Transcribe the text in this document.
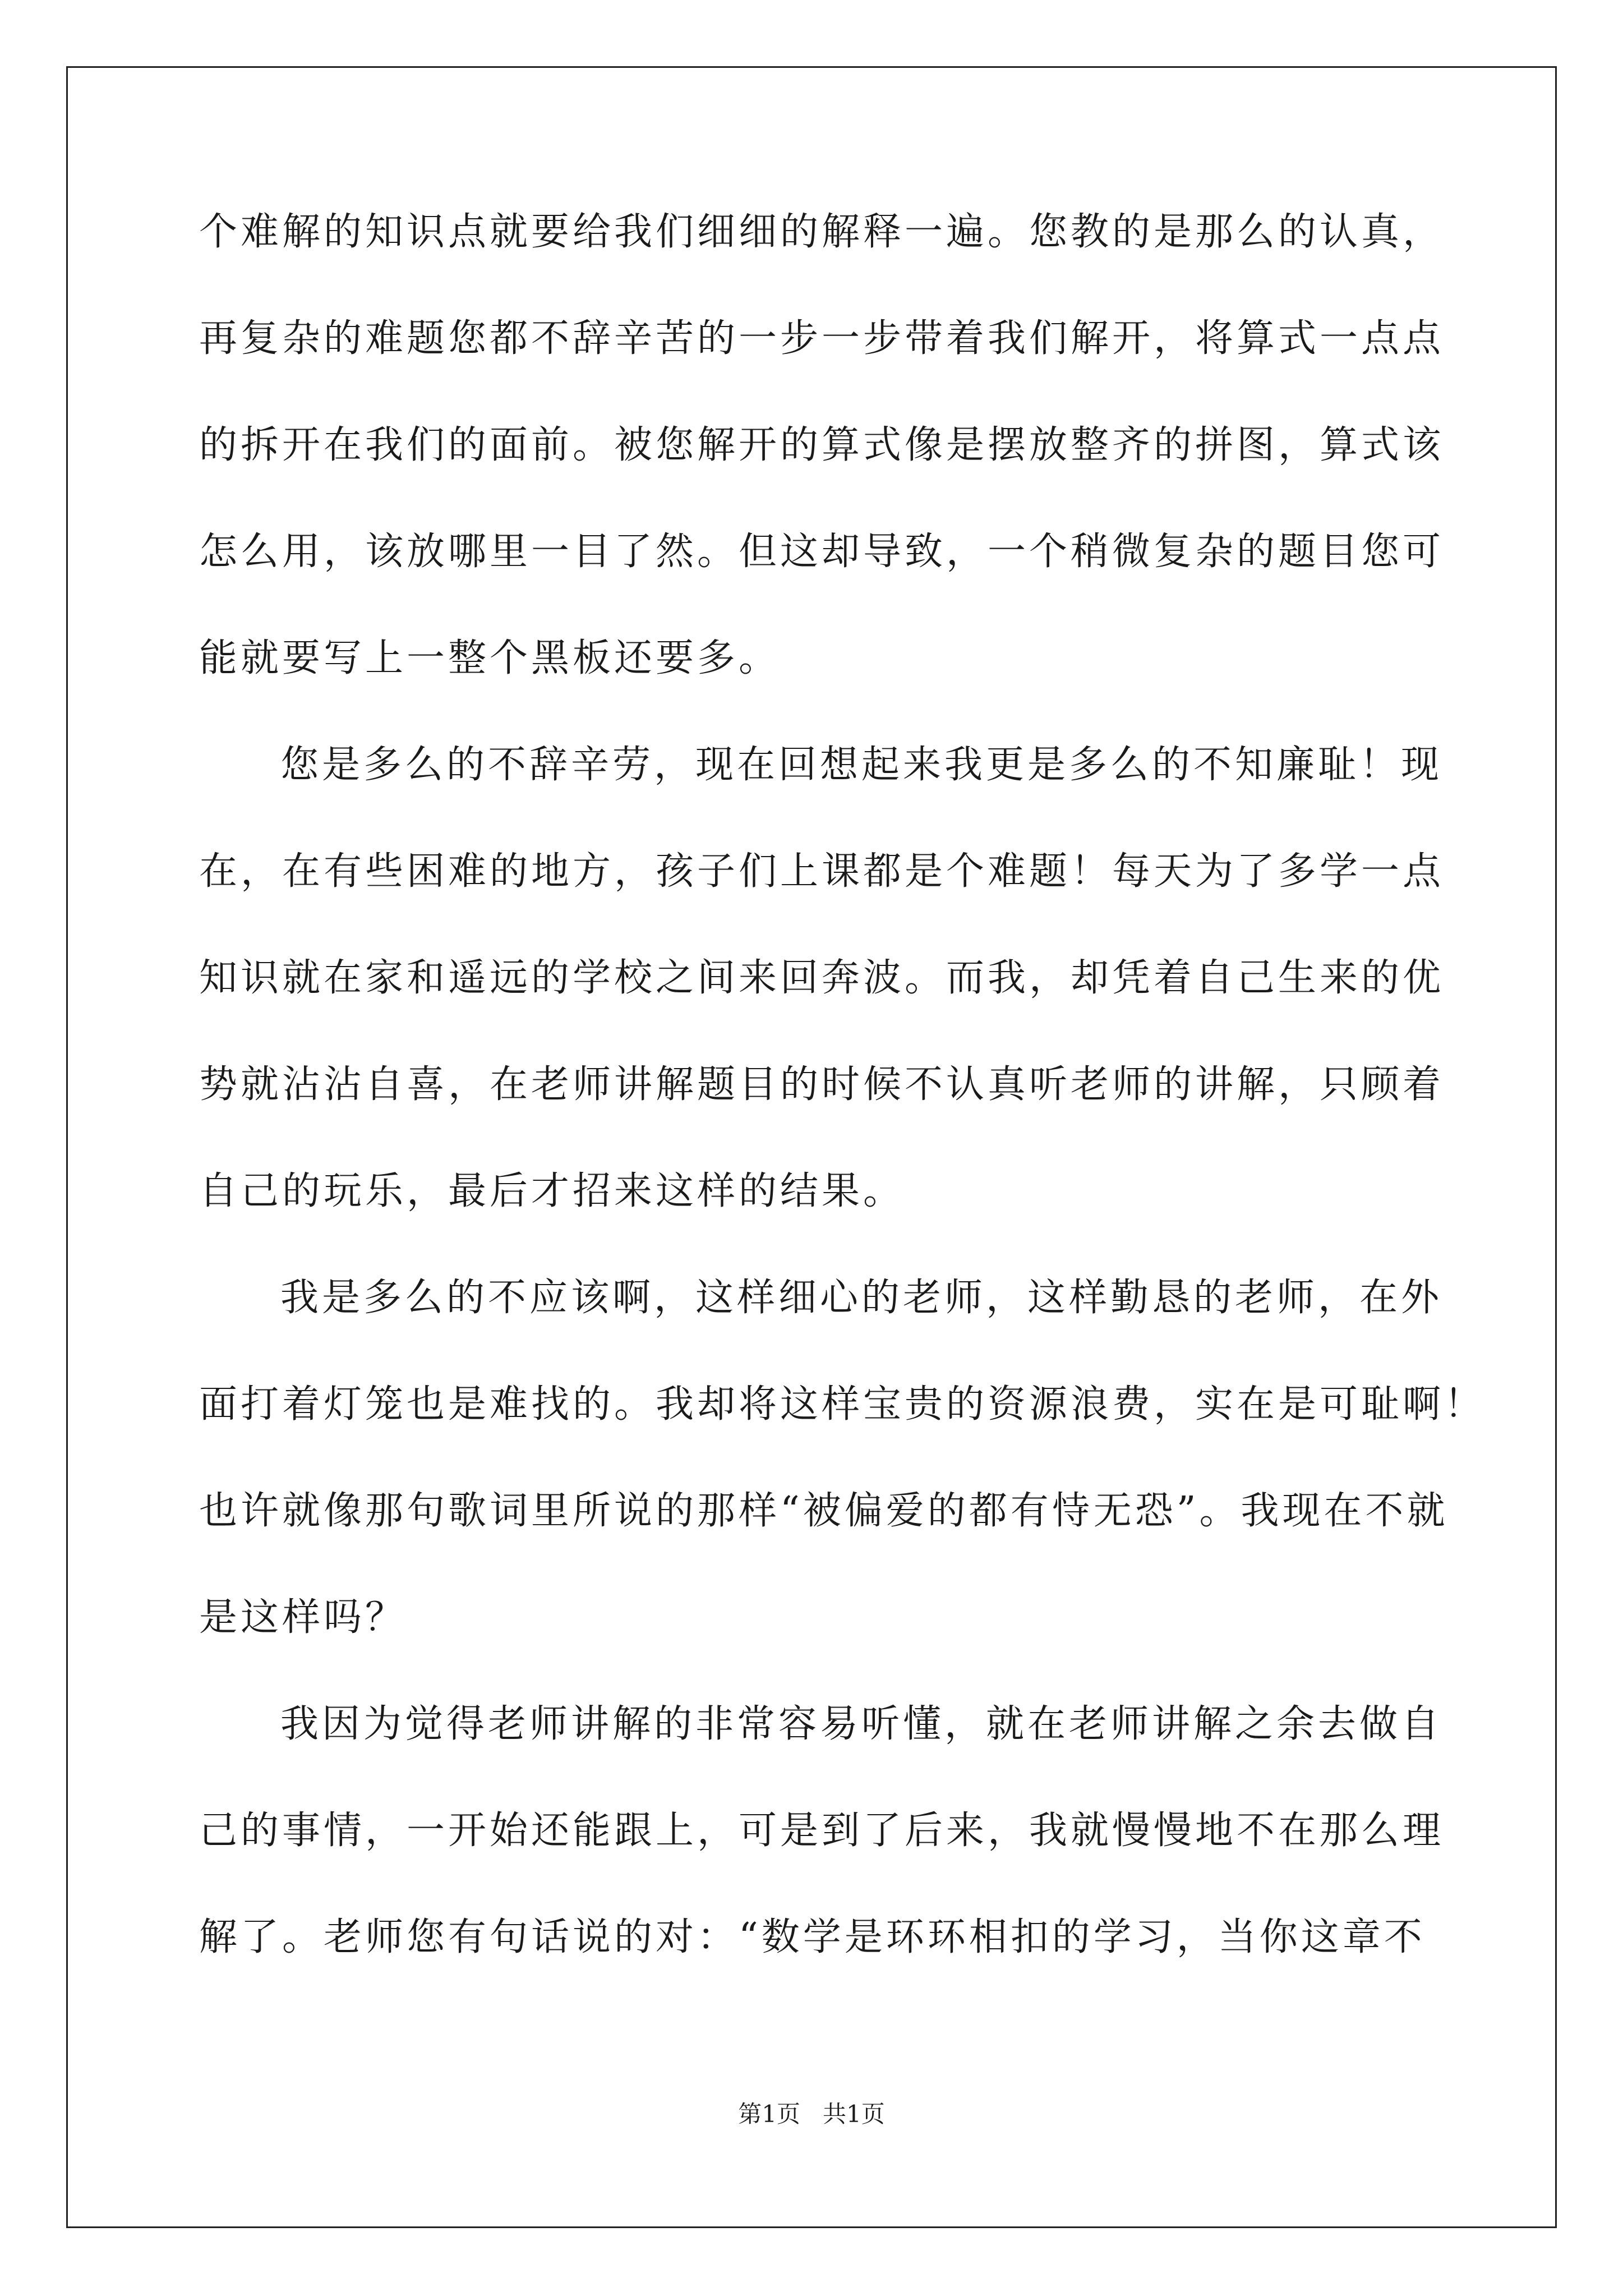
个难解的知识点就要给我们细细的解释一遍。您教的是那么的认真，
再复杂的难题您都不辞辛苦的一步一步带着我们解开，将算式一点点
的拆开在我们的面前。被您解开的算式像是摆放整齐的拼图，算式该
怎么用，该放哪里一目了然。但这却导致，一个稍微复杂的题目您可
能就要写上一整个黑板还要多。
您是多么的不辞辛劳，现在回想起来我更是多么的不知廉耻！现
在，在有些困难的地方，孩子们上课都是个难题！每天为了多学一点
知识就在家和遥远的学校之间来回奔波。而我，却凭着自己生来的优
势就沾沾自喜，在老师讲解题目的时候不认真听老师的讲解，只顾着
自己的玩乐，最后才招来这样的结果。
我是多么的不应该啊，这样细心的老师，这样勤恳的老师，在外
面打着灯笼也是难找的。我却将这样宝贵的资源浪费，实在是可耻啊！
也许就像那句歌词里所说的那样“被偏爱的都有恃无恐”。我现在不就
是这样吗？
我因为觉得老师讲解的非常容易听懂，就在老师讲解之余去做自
己的事情，一开始还能跟上，可是到了后来，我就慢慢地不在那么理
解了。老师您有句话说的对：“数学是环环相扣的学习，当你这章不
第1页   共1页
